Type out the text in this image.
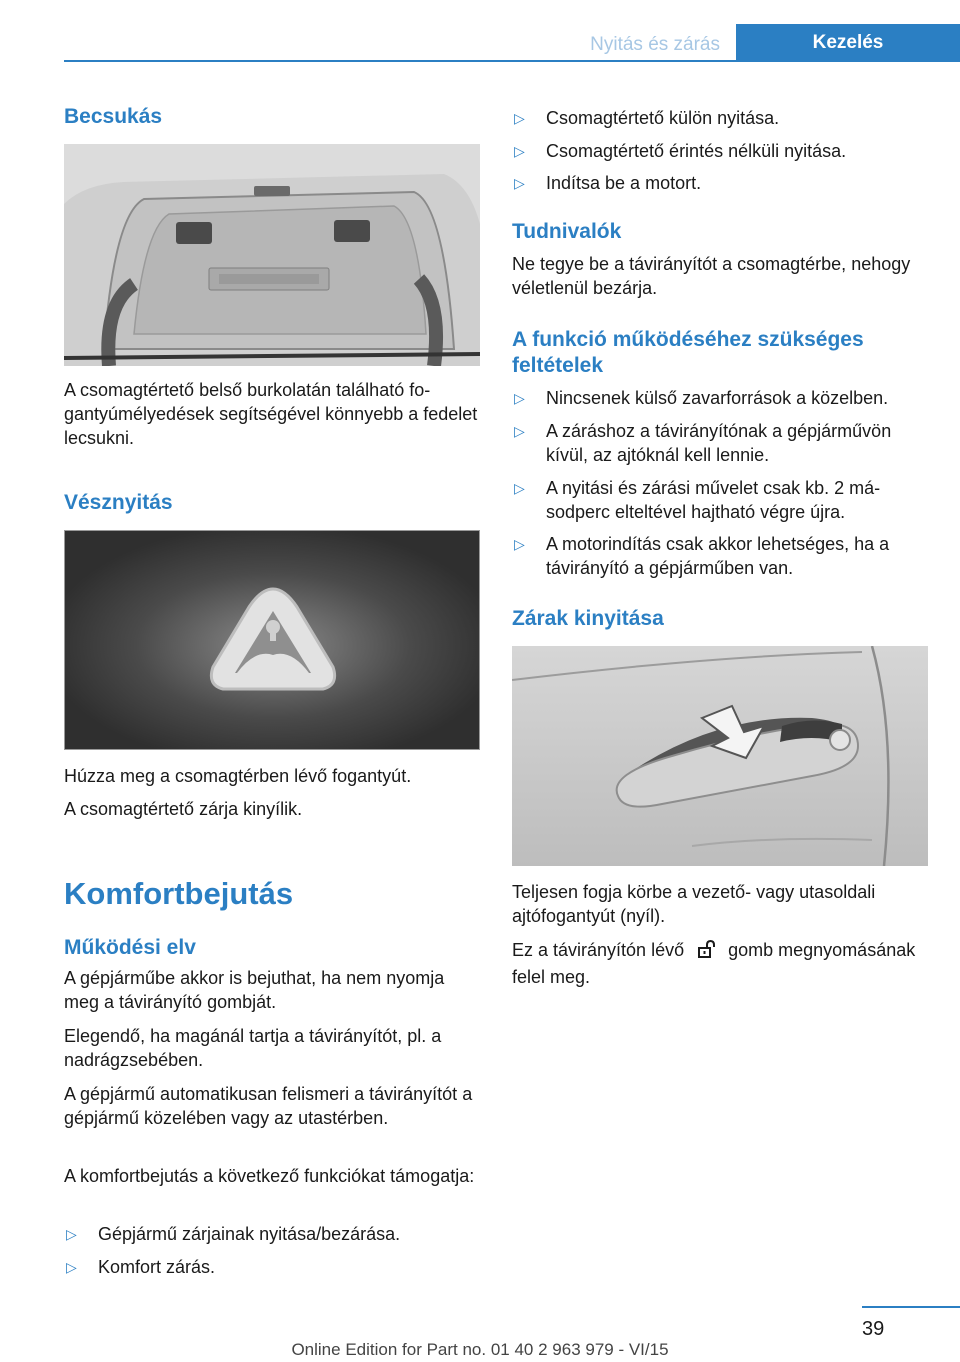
Nyitás és zárás	Kezelés
Becsukás

A csomagtértető belső burkolatán található fogantyúmélyedések segítségével könnyebb a fedelet lecsukni.

Vésznyitás

Húzza meg a csomagtérben lévő fogantyút.

A csomagtértető zárja kinyílik.

Komfortbejutás
Működési elv

A gépjárműbe akkor is bejuthat, ha nem nyomja meg a távirányító gombját.

Elegendő, ha magánál tartja a távirányítót, pl. a nadrágzsebében.

A gépjármű automatikusan felismeri a távirányítót a gépjármű közelében vagy az utastérben.

A komfortbejutás a következő funkciókat támogatja:

▷	Gépjármű zárjainak nyitása/bezárása.
▷	Komfort zárás.
▷	Csomagtértető külön nyitása.
▷	Csomagtértető érintés nélküli nyitása.
▷	Indítsa be a motort.
Tudnivalók

Ne tegye be a távirányítót a csomagtérbe, nehogy véletlenül bezárja.

A funkció működéséhez szükséges feltételek
▷	Nincsenek külső zavarforrások a közelben.
▷	A záráshoz a távirányítónak a gépjárművön kívül, az ajtóknál kell lennie.
▷	A nyitási és zárási művelet csak kb. 2 másodperc elteltével hajtható végre újra.
▷	A motorindítás csak akkor lehetséges, ha a távirányító a gépjárműben van.
Zárak kinyitása

Teljesen fogja körbe a vezető- vagy utasoldali ajtófogantyút (nyíl).

Ez a távirányítón lévő gomb megnyomásának felel meg.

39
Online Edition for Part no. 01 40 2 963 979 - VI/15
